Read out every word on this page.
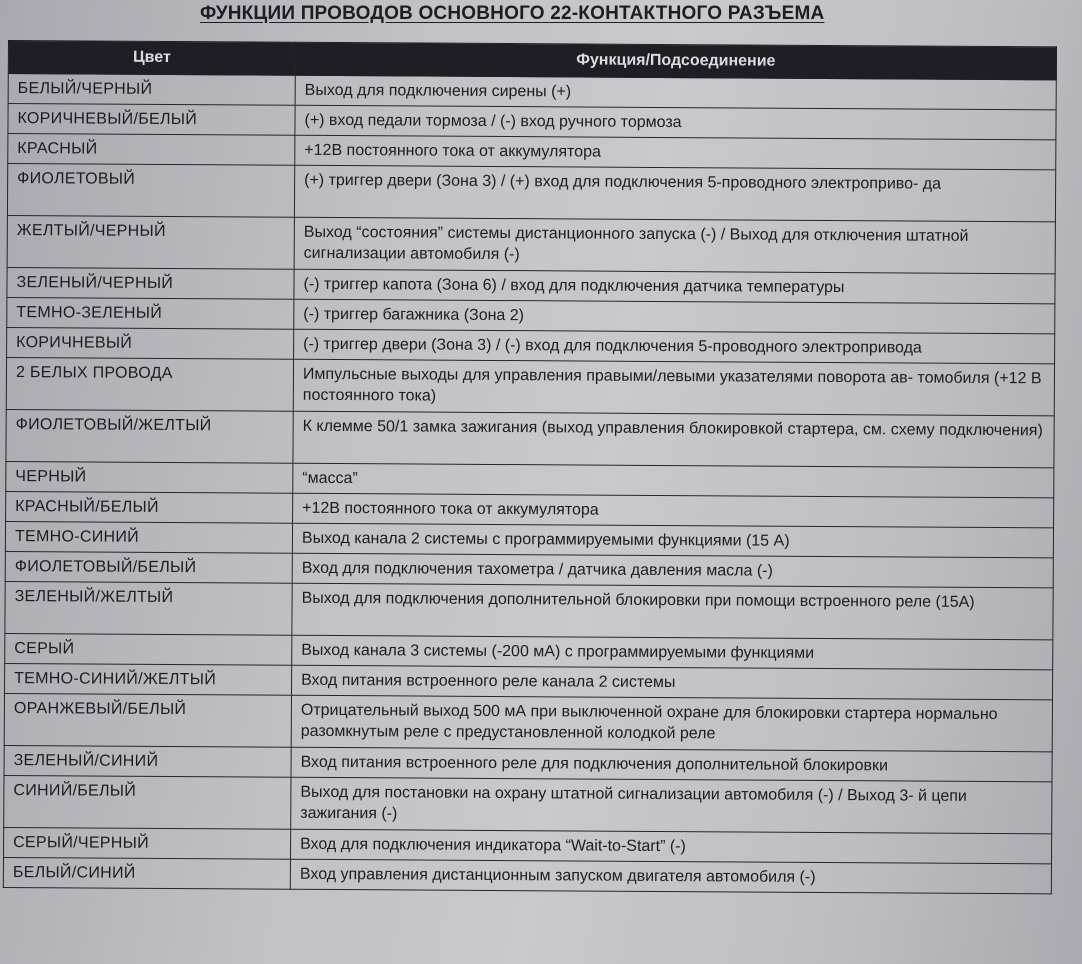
ФУНКЦИИ ПРОВОДОВ ОСНОВНОГО 22-КОНТАКТНОГО РАЗЪЕМА
Цвет	Функция/Подсоединение
БЕЛЫЙ/ЧЕРНЫЙ	Выход для подключения сирены (+)
КОРИЧНЕВЫЙ/БЕЛЫЙ	(+) вход педали тормоза / (-) вход ручного тормоза
КРАСНЫЙ	+12В постоянного тока от аккумулятора
ФИОЛЕТОВЫЙ	(+) триггер двери (Зона 3) / (+) вход для подключения 5-проводного электроприво- да
ЖЕЛТЫЙ/ЧЕРНЫЙ	Выход “состояния” системы дистанционного запуска (-) / Выход для отключения штатной сигнализации автомобиля (-)
ЗЕЛЕНЫЙ/ЧЕРНЫЙ	(-) триггер капота (Зона 6) / вход для подключения датчика температуры
ТЕМНО-ЗЕЛЕНЫЙ	(-) триггер багажника (Зона 2)
КОРИЧНЕВЫЙ	(-) триггер двери (Зона 3) / (-) вход для подключения 5-проводного электропривода
2 БЕЛЫХ ПРОВОДА	Импульсные выходы для управления правыми/левыми указателями поворота ав- томобиля (+12 В постоянного тока)
ФИОЛЕТОВЫЙ/ЖЕЛТЫЙ	К клемме 50/1 замка зажигания (выход управления блокировкой стартера, см. схему подключения)
ЧЕРНЫЙ	“масса”
КРАСНЫЙ/БЕЛЫЙ	+12В постоянного тока от аккумулятора
ТЕМНО-СИНИЙ	Выход канала 2 системы с программируемыми функциями (15 А)
ФИОЛЕТОВЫЙ/БЕЛЫЙ	Вход для подключения тахометра / датчика давления масла (-)
ЗЕЛЕНЫЙ/ЖЕЛТЫЙ	Выход для подключения дополнительной блокировки при помощи встроенного реле (15А)
СЕРЫЙ	Выход канала 3 системы (-200 мА) с программируемыми функциями
ТЕМНО-СИНИЙ/ЖЕЛТЫЙ	Вход питания встроенного реле канала 2 системы
ОРАНЖЕВЫЙ/БЕЛЫЙ	Отрицательный выход 500 мА при выключенной охране для блокировки стартера нормально разомкнутым реле с предустановленной колодкой реле
ЗЕЛЕНЫЙ/СИНИЙ	Вход питания встроенного реле для подключения дополнительной блокировки
СИНИЙ/БЕЛЫЙ	Выход для постановки на охрану штатной сигнализации автомобиля (-) / Выход 3- й цепи зажигания (-)
СЕРЫЙ/ЧЕРНЫЙ	Вход для подключения индикатора “Wait-to-Start” (-)
БЕЛЫЙ/СИНИЙ	Вход управления дистанционным запуском двигателя автомобиля (-)
